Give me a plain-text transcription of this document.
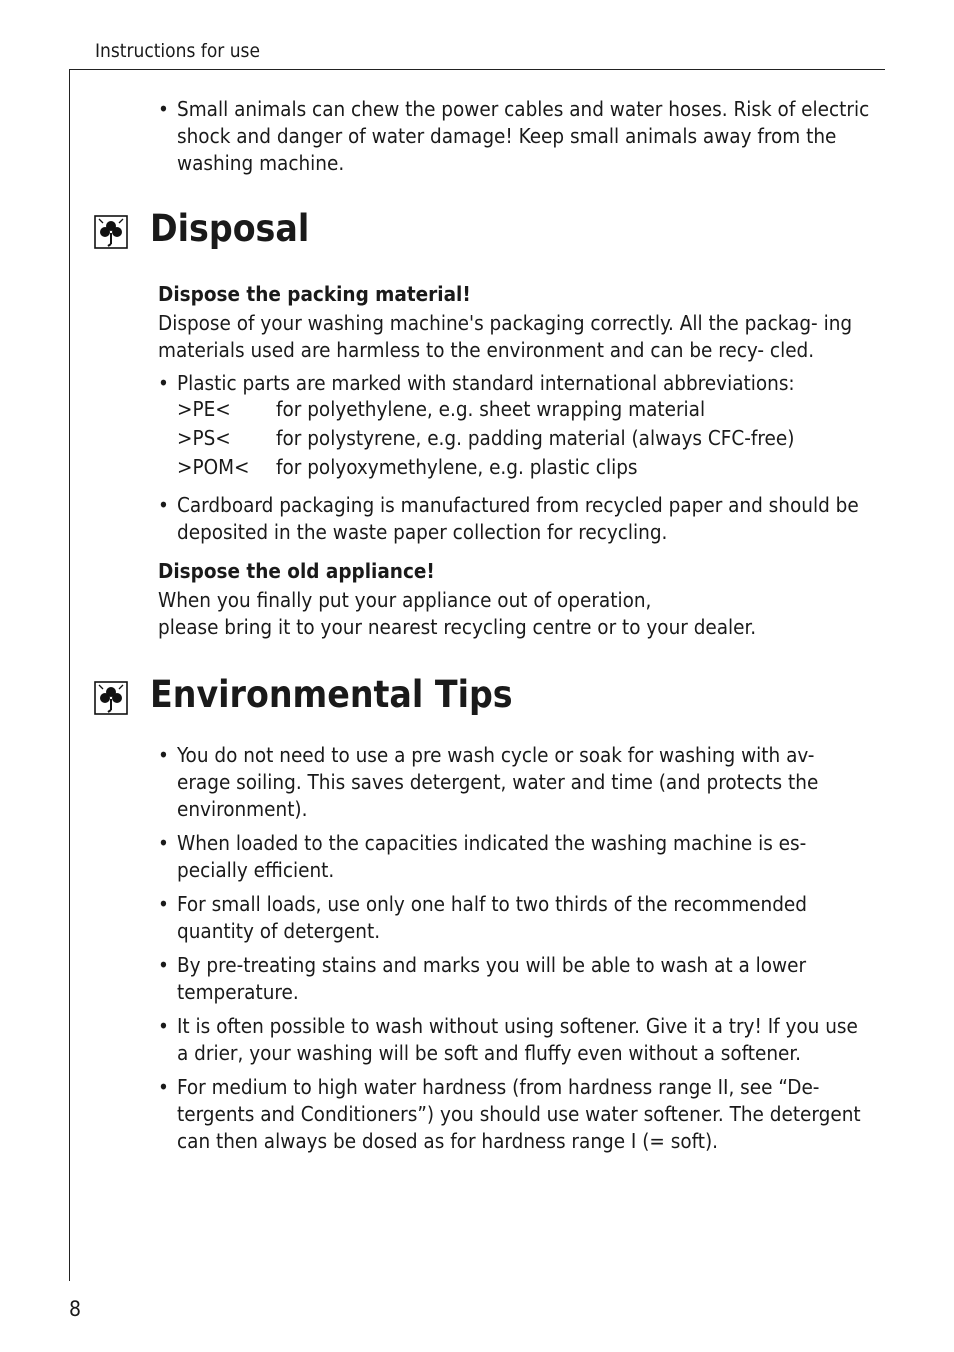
Instructions for use
8

• Small animals can chew the power cables and water hoses. Risk of electric shock and danger of water damage! Keep small animals away from the washing machine.

Disposal
Dispose the packing material!
Dispose of your washing machine's packaging correctly. All the packag- ing materials used are harmless to the environment and can be recy- cled.

• Plastic parts are marked with standard international abbreviations:

>PE<	for polyethylene, e.g. sheet wrapping material
>PS<	for polystyrene, e.g. padding material (always CFC-free)
>POM<	for polyoxymethylene, e.g. plastic clips

• Cardboard packaging is manufactured from recycled paper and should be deposited in the waste paper collection for recycling.

Dispose the old appliance!
When you finally put your appliance out of operation,
please bring it to your nearest recycling centre or to your dealer.
Environmental Tips

• You do not need to use a pre wash cycle or soak for washing with av- erage soiling. This saves detergent, water and time (and protects the environment).

• When loaded to the capacities indicated the washing machine is es- pecially efficient.

• For small loads, use only one half to two thirds of the recommended quantity of detergent.

• By pre-treating stains and marks you will be able to wash at a lower temperature.

• It is often possible to wash without using softener. Give it a try! If you use a drier, your washing will be soft and fluffy even without a softener.

• For medium to high water hardness (from hardness range II, see “De- tergents and Conditioners”) you should use water softener. The detergent can then always be dosed as for hardness range I (= soft).
